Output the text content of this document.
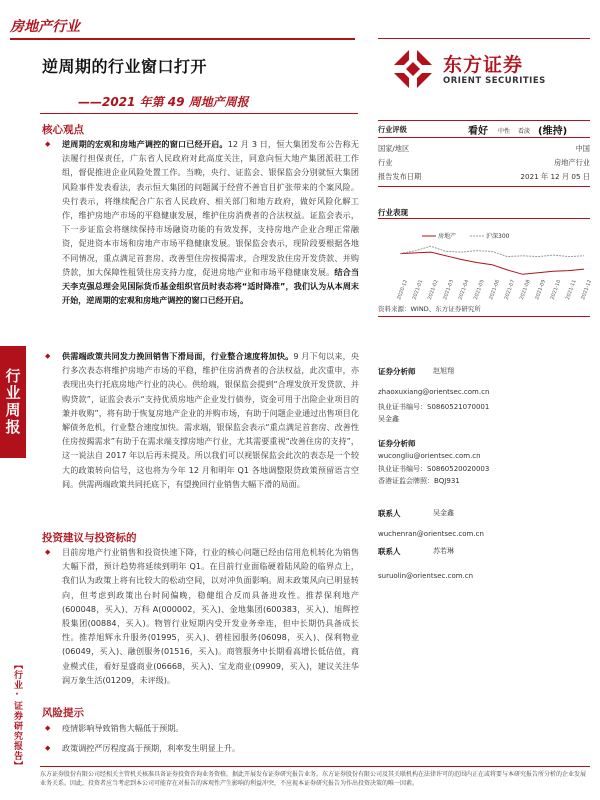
房地产行业
逆周期的行业窗口打开
——2021 年第 49 周地产周报
行业周报
【行业·证券研究报告】
东方证券
ORIENT SECURITIES
核心观点
◆ 逆周期的宏观和房地产调控的窗口已经开启。12 月 3 日，恒大集团发布公告称无法履行担保责任，广东省人民政府对此高度关注，同意向恒大地产集团派驻工作组，督促推进企业风险处置工作。当晚，央行、证监会、银保监会分别就恒大集团风险事件发表看法，表示恒大集团的问题属于经营不善盲目扩张带来的个案风险。央行表示，将继续配合广东省人民政府、相关部门和地方政府，做好风险化解工作，维护房地产市场的平稳健康发展，维护住房消费者的合法权益。证监会表示，下一步证监会将继续保持市场融资功能的有效发挥，支持房地产企业合理正常融资，促进资本市场和房地产市场平稳健康发展。银保监会表示，现阶段要根据各地不同情况，重点满足首套房、改善型住房按揭需求，合理发放住房开发贷款、并购贷款，加大保障性租赁住房支持力度，促进房地产业和市场平稳健康发展。结合当天李克强总理会见国际货币基金组织官员时表态将“适时降准”，我们认为从本周末开始，逆周期的宏观和房地产调控的窗口已经开启。
◆ 供需端政策共同发力挽回销售下滑局面，行业整合速度将加快。9 月下旬以来，央行多次表态将维护房地产市场的平稳，维护住房消费者的合法权益，此次重申，亦表现出央行托底房地产行业的决心。供给端，银保监会提到“合理发放开发贷款、并购贷款”，证监会表示“支持优质房地产企业发行债券，资金可用于出险企业项目的兼并收购”，将有助于恢复房地产企业的并购市场，有助于问题企业通过出售项目化解债务危机，行业整合速度加快。需求端，银保监会表示“重点满足首套房、改善性住房按揭需求”有助于在需求端支撑房地产行业，尤其需要重视“改善住房的支持”，这一说法自 2017 年以后再未提及。所以我们可以视银保监会此次的表态是一个较大的政策转向信号，这也将为今年 12 月和明年 Q1 各地调整限贷政策预留语言空间。供需两端政策共同托底下，有望挽回行业销售大幅下滑的局面。
投资建议与投资标的
◆ 目前房地产行业销售和投资快速下降，行业的核心问题已经由信用危机转化为销售大幅下滑，预计趋势将延续到明年 Q1。在目前行业面临硬着陆风险的临界点上，我们认为政策上将有比较大的松动空间，以对冲负面影响。周末政策风向已明显转向，但考虑到政策出台时间偏晚，稳健组合反而具备进攻性。推荐保利地产(600048，买入)、万科 A(000002，买入)、金地集团(600383，买入)、旭辉控股集团(00884，买入)。物管行业短期内受开发业务牵连，但中长期仍具备成长性。推荐旭辉永升服务(01995，买入)、碧桂园服务(06098，买入)、保利物业(06049，买入)、融创服务(01516，买入)。商管服务中长期看高增长低估值，商业模式佳，看好星盛商业(06668，买入)、宝龙商业(09909，买入)，建议关注华润万象生活(01209，未评级)。
风险提示
◆ 疫情影响导致销售大幅低于预期。
◆ 政策调控严厉程度高于预期，利率发生明显上升。
行业评级	看好 中性 看淡 (维持)
国家/地区	中国
行业	房地产行业
报告发布日期	2021 年 12 月 05 日
行业表现
房地产	沪深300
2020-12 2021-01 2021-02 2021-03 2021-04 2021-05 2021-06 2021-07 2021-08 2021-09 2021-10 2021-11 2021-12
资料来源：WIND、东方证券研究所
证券分析师	赵旭翔
zhaoxuxiang@orientsec.com.cn
执业证书编号：S0860521070001
吴金鑫
证券分析师
wucongliu@orientsec.com.cn
执业证书编号：S0860520020003
香港证监会牌照：BQJ931
联系人	吴金鑫
wuchenran@orientsec.com.cn
联系人	苏若琳
suruolin@orientsec.com.cn
东方证券股份有限公司经相关主管机关核准具备证券投资咨询业务资格，据此开展发布证券研究报告业务。东方证券股份有限公司及其关联机构在法律许可的范围内正在或将要与本研究报告所分析的企业发展业务关系。因此，投资者应当考虑到本公司可能存在对报告的客观性产生影响的利益冲突，不应视本证券研究报告为作出投资决策的唯一因素。
